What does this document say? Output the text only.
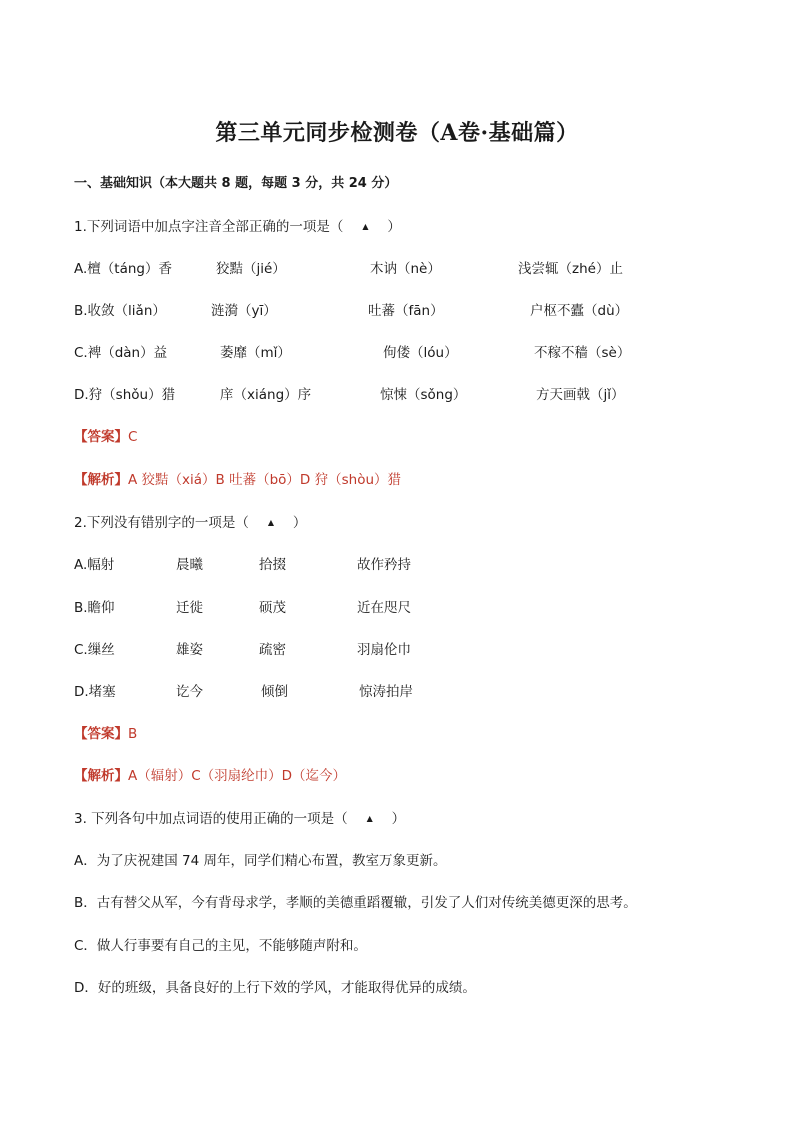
第三单元同步检测卷（A卷·基础篇）
一、基础知识（本大题共 8 题，每题 3 分，共 24 分）
1.下列词语中加点字注音全部正确的一项是（ ▲ ）
A.檀（táng）香	狡黠（jié）	木讷（nè）	浅尝辄（zhé）止
B.收敛（liǎn）	涟漪（yī）	吐蕃（fān）	户枢不蠹（dù）
C.裨（dàn）益	萎靡（mǐ）	佝偻（lóu）	不稼不穑（sè）
D.狩（shǒu）猎	庠（xiáng）序	惊悚（sǒng）	方天画戟（jǐ）
【答案】C
【解析】A 狡黠（xiá）B 吐蕃（bō）D 狩（shòu）猎
2.下列没有错别字的一项是（ ▲ ）
A.幅射	晨曦	拾掇	故作矜持
B.瞻仰	迁徙	硕茂	近在咫尺
C.缫丝	雄姿	疏密	羽扇伦巾
D.堵塞	讫今	倾倒	惊涛拍岸
【答案】B
【解析】A（辐射）C（羽扇纶巾）D（迄今）
3. 下列各句中加点词语的使用正确的一项是（ ▲ ）
A．为了庆祝建国 74 周年，同学们精心布置，教室万象更新。
B．古有替父从军，今有背母求学，孝顺的美德重蹈覆辙，引发了人们对传统美德更深的思考。
C．做人行事要有自己的主见，不能够随声附和。
D．好的班级，具备良好的上行下效的学风，才能取得优异的成绩。
